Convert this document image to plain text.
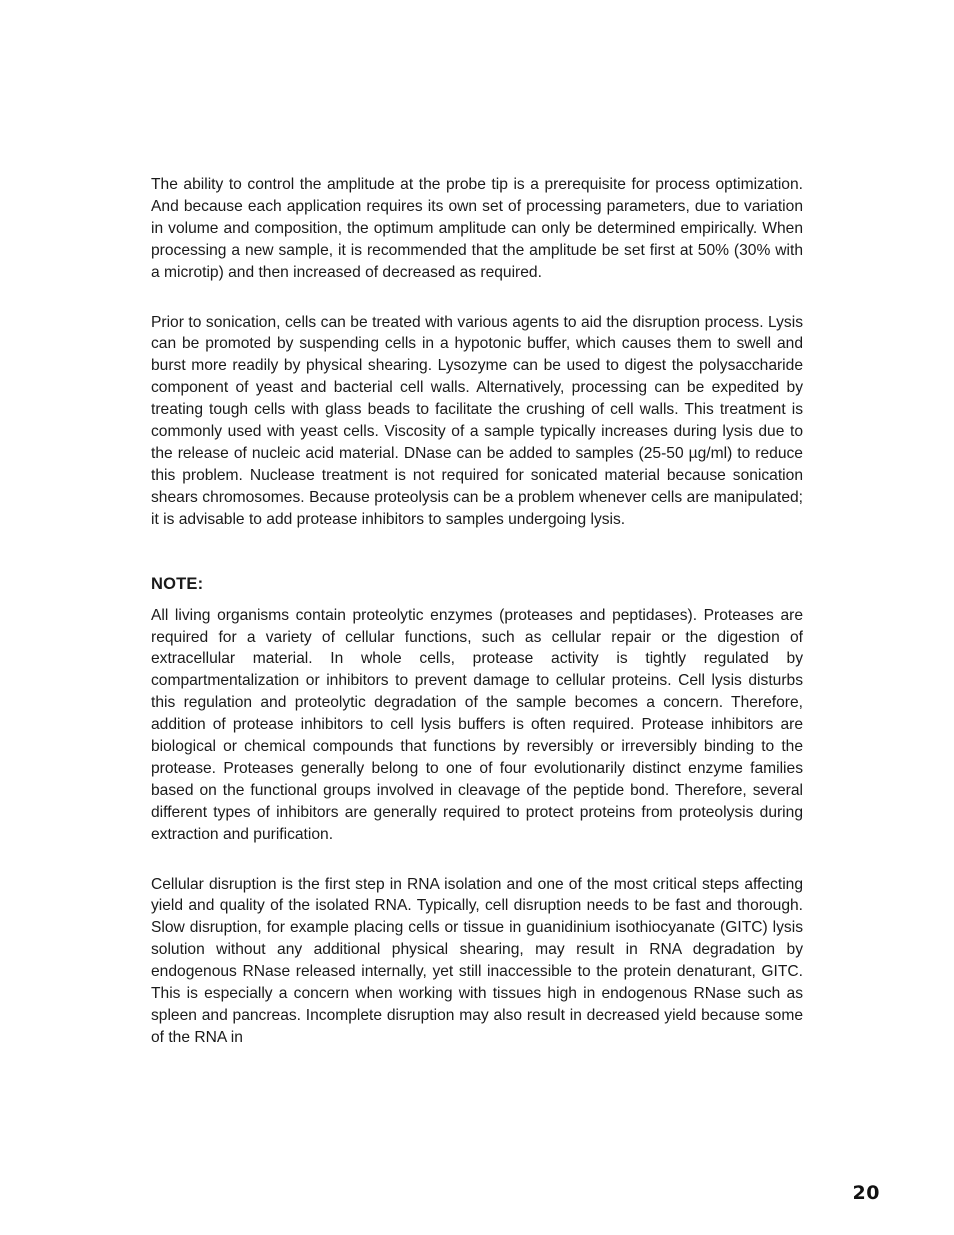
The ability to control the amplitude at the probe tip is a prerequisite for process optimization. And because each application requires its own set of processing parameters, due to variation in volume and composition, the optimum amplitude can only be determined empirically. When processing a new sample, it is recommended that the amplitude be set first at 50% (30% with a microtip) and then increased of decreased as required.

Prior to sonication, cells can be treated with various agents to aid the disruption process. Lysis can be promoted by suspending cells in a hypotonic buffer, which causes them to swell and burst more readily by physical shearing. Lysozyme can be used to digest the polysaccharide component of yeast and bacterial cell walls. Alternatively, processing can be expedited by treating tough cells with glass beads to facilitate the crushing of cell walls. This treatment is commonly used with yeast cells. Viscosity of a sample typically increases during lysis due to the release of nucleic acid material. DNase can be added to samples (25-50 µg/ml) to reduce this problem. Nuclease treatment is not required for sonicated material because sonication shears chromosomes. Because proteolysis can be a problem whenever cells are manipulated; it is advisable to add protease inhibitors to samples undergoing lysis.

NOTE:

All living organisms contain proteolytic enzymes (proteases and peptidases). Proteases are required for a variety of cellular functions, such as cellular repair or the digestion of extracellular material. In whole cells, protease activity is tightly regulated by compartmentalization or inhibitors to prevent damage to cellular proteins. Cell lysis disturbs this regulation and proteolytic degradation of the sample becomes a concern. Therefore, addition of protease inhibitors to cell lysis buffers is often required. Protease inhibitors are biological or chemical compounds that functions by reversibly or irreversibly binding to the protease. Proteases generally belong to one of four evolutionarily distinct enzyme families based on the functional groups involved in cleavage of the peptide bond. Therefore, several different types of inhibitors are generally required to protect proteins from proteolysis during extraction and purification.

Cellular disruption is the first step in RNA isolation and one of the most critical steps affecting yield and quality of the isolated RNA. Typically, cell disruption needs to be fast and thorough. Slow disruption, for example placing cells or tissue in guanidinium isothiocyanate (GITC) lysis solution without any additional physical shearing, may result in RNA degradation by endogenous RNase released internally, yet still inaccessible to the protein denaturant, GITC. This is especially a concern when working with tissues high in endogenous RNase such as spleen and pancreas. Incomplete disruption may also result in decreased yield because some of the RNA in

20
